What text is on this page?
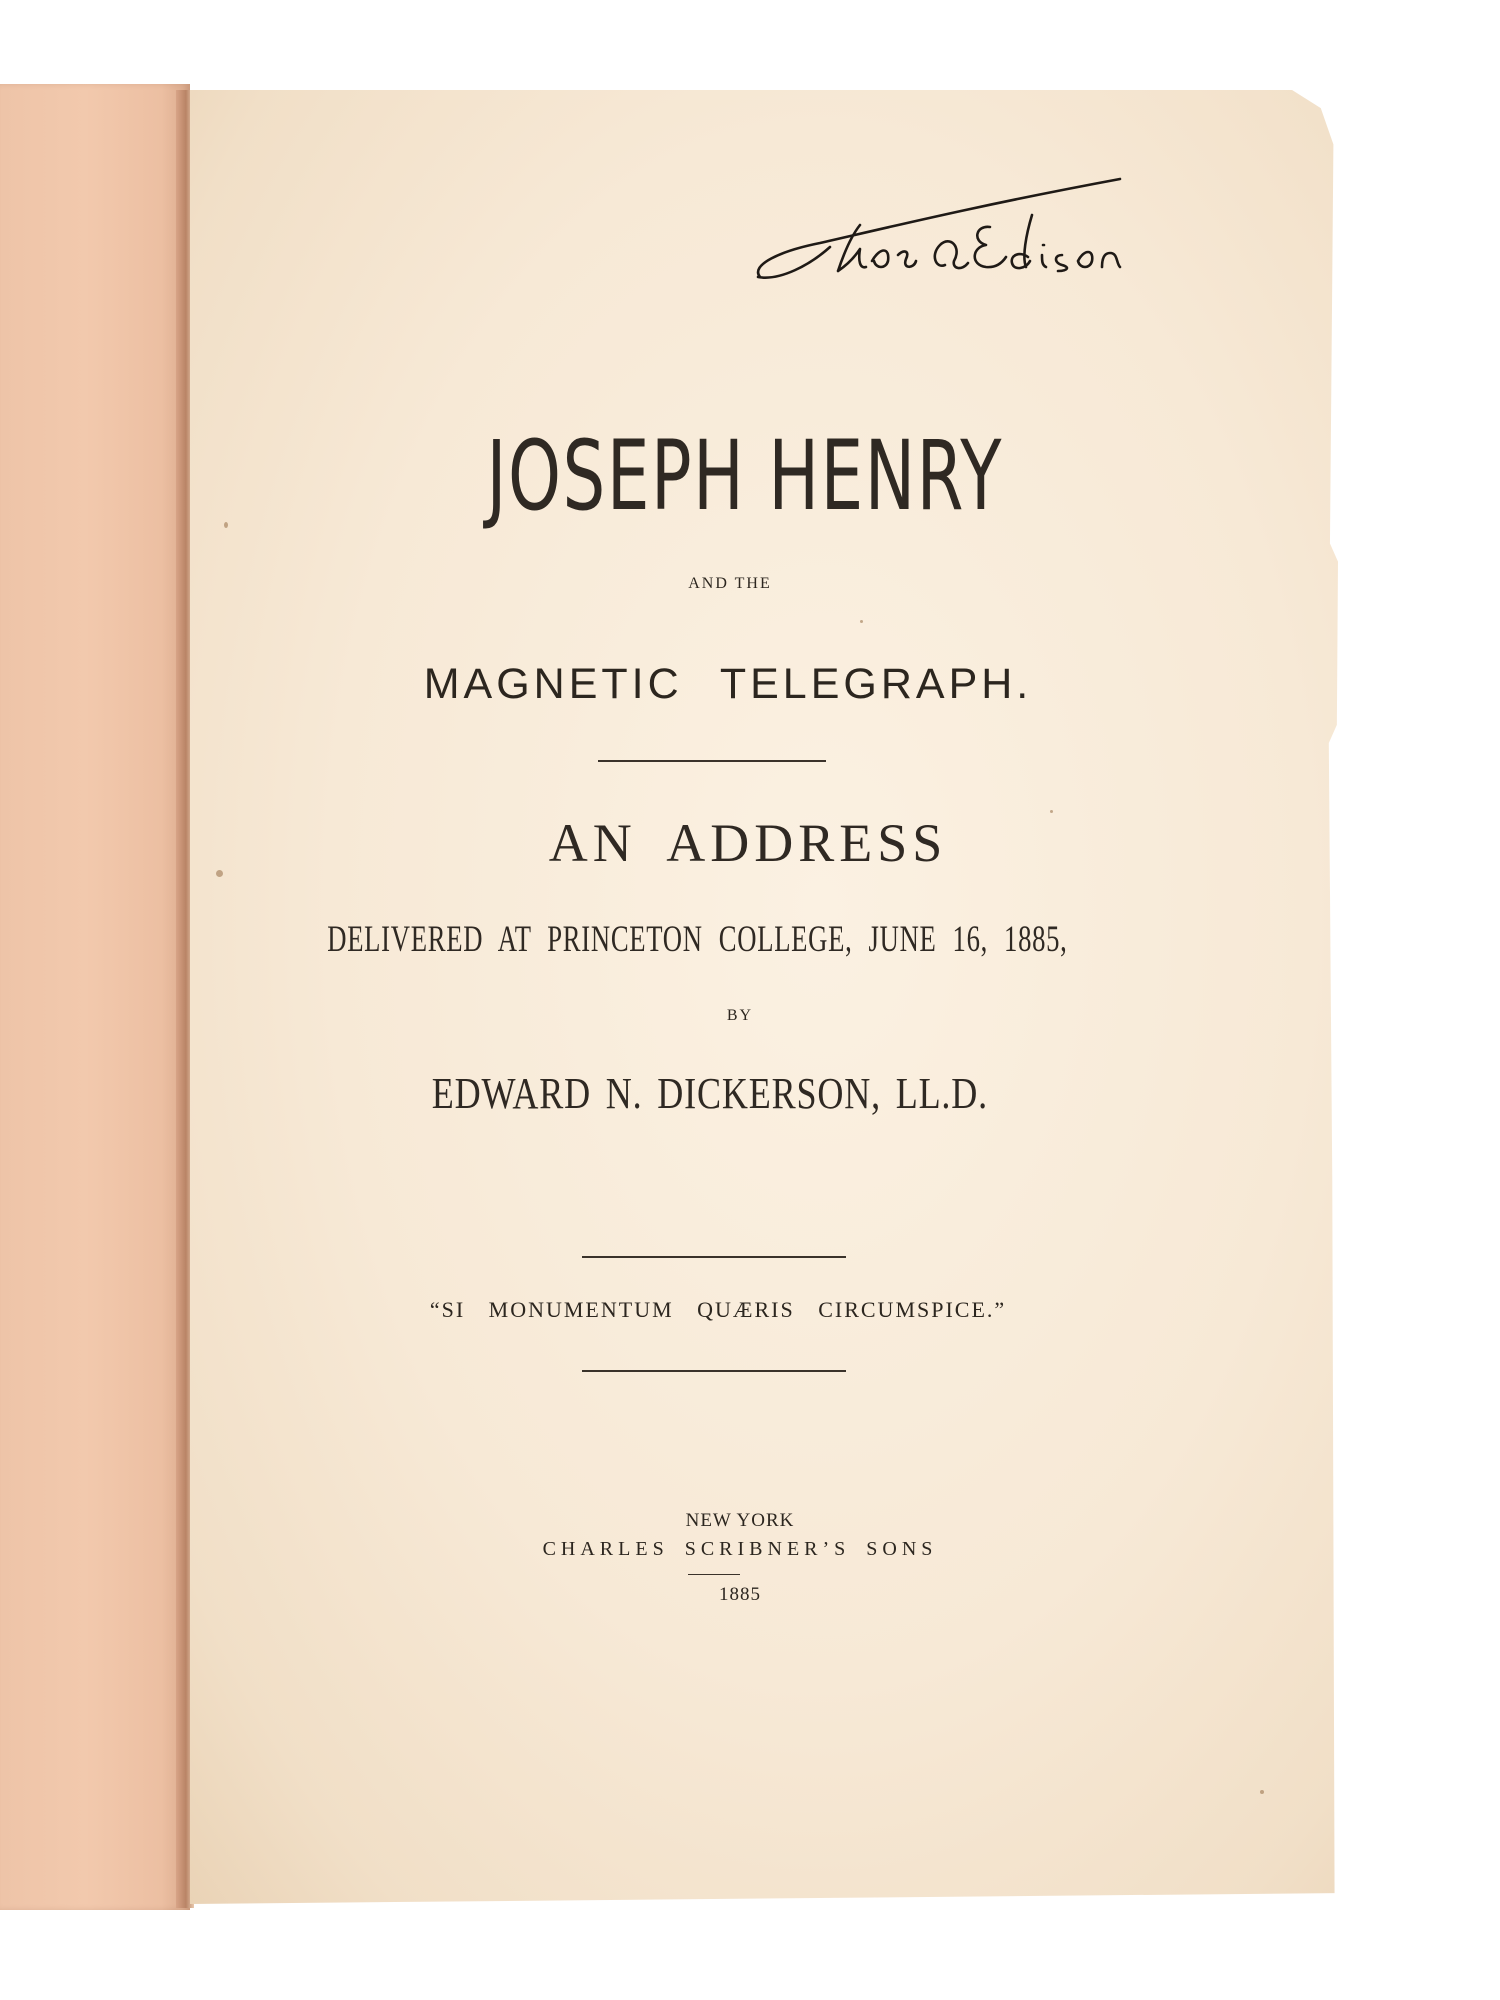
JOSEPH HENRY
AND THE
MAGNETIC TELEGRAPH.
AN ADDRESS
DELIVERED AT PRINCETON COLLEGE, JUNE 16, 1885,
BY
EDWARD N. DICKERSON, LL.D.
“SI MONUMENTUM QUÆRIS CIRCUMSPICE.”
NEW YORK
CHARLES SCRIBNER’S SONS
1885
